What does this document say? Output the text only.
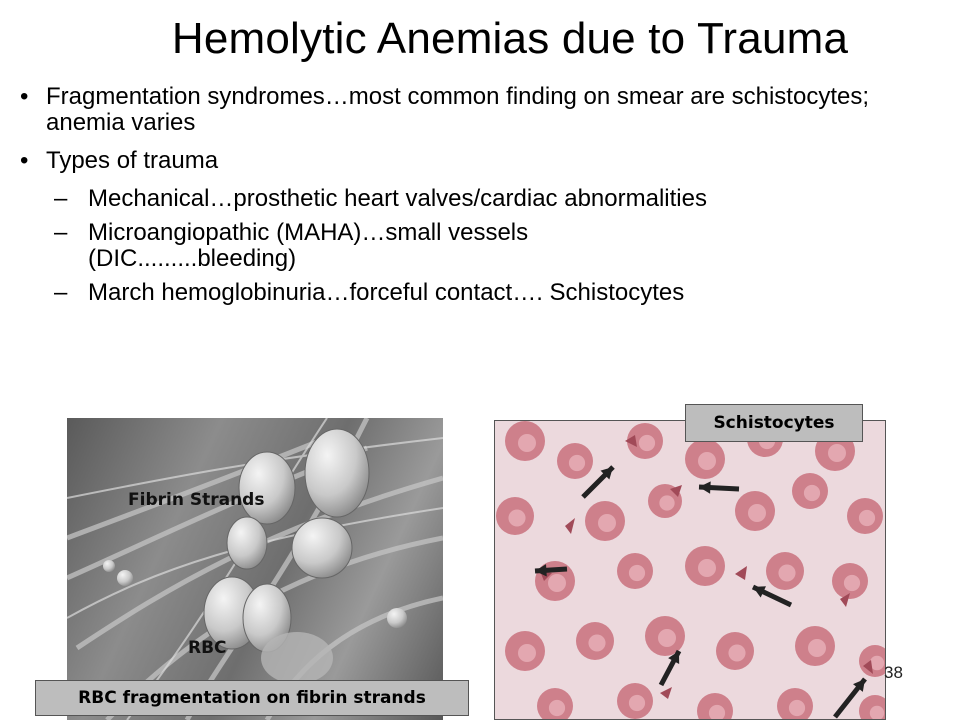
Hemolytic Anemias due to Trauma
• Fragmentation syndromes…most common finding on smear are schistocytes; anemia varies
• Types of trauma
– Mechanical…prosthetic heart valves/cardiac abnormalities
– Microangiopathic (MAHA)…small vessels (DIC.........bleeding)
– March hemoglobinuria…forceful contact…. Schistocytes
Fibrin Strands
RBC
RBC fragmentation on fibrin strands
Schistocytes
38
